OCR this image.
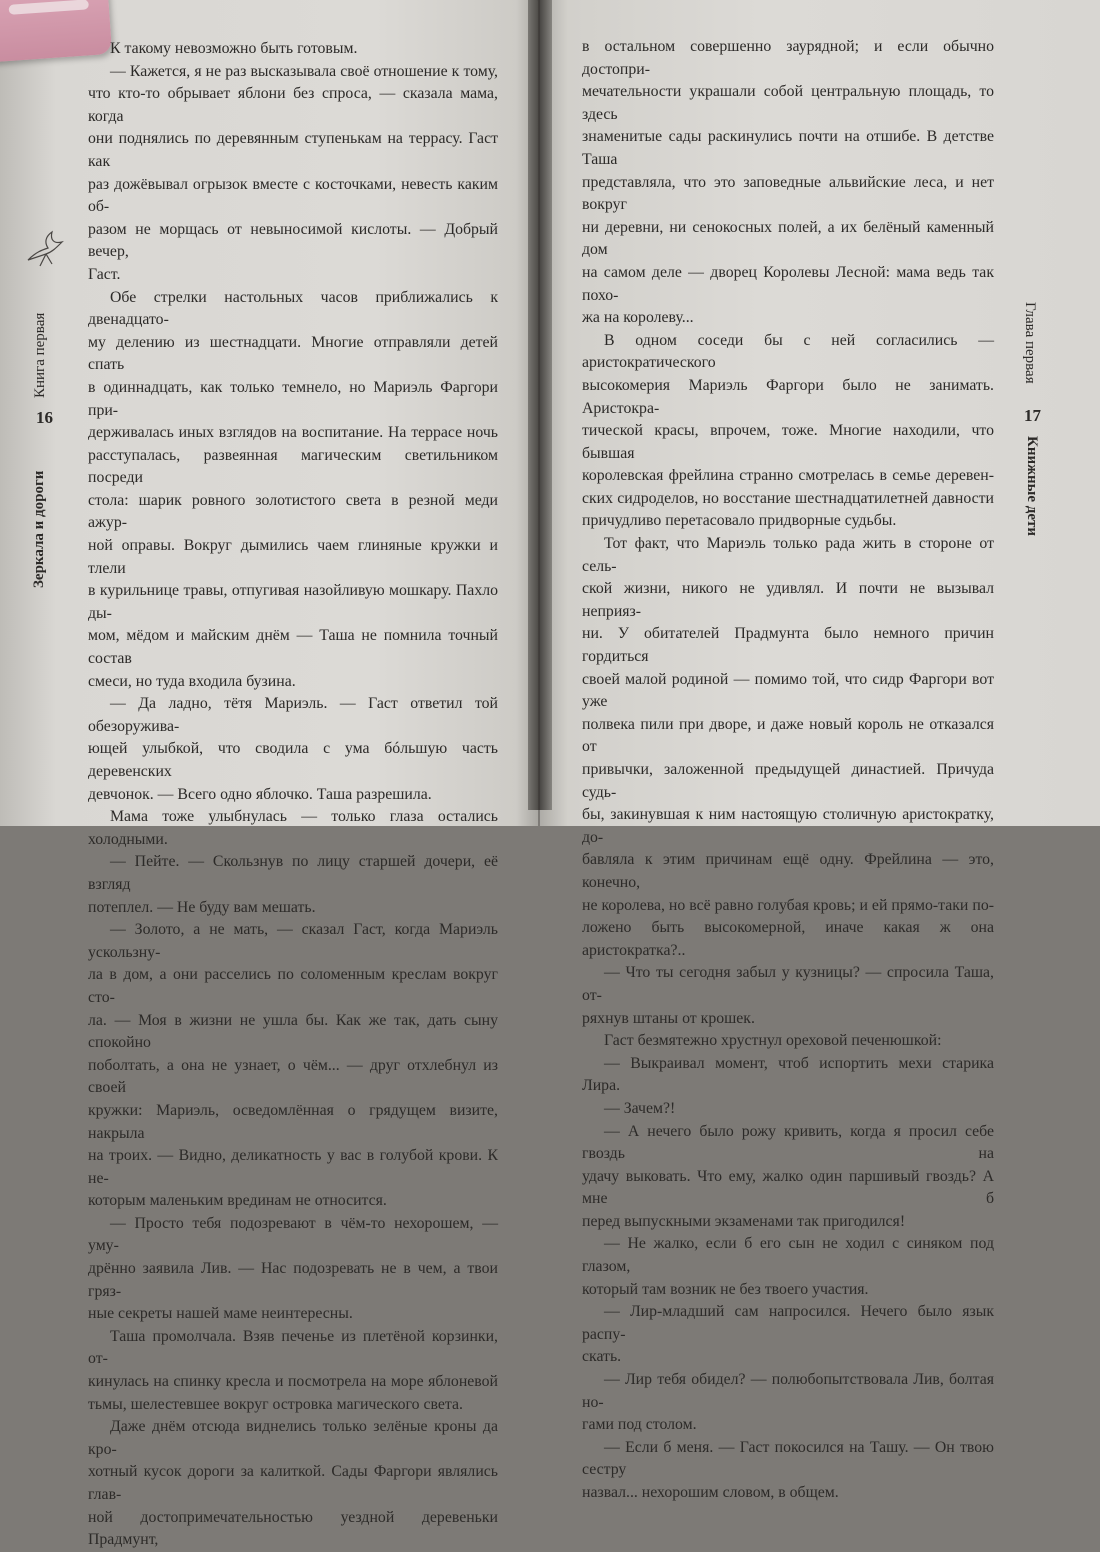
К такому невозможно быть готовым.

— Кажется, я не раз высказывала своё отношение к тому,

что кто-то обрывает яблони без спроса, — сказала мама, когда

они поднялись по деревянным ступенькам на террасу. Гаст как

раз дожёвывал огрызок вместе с косточками, невесть каким об-

разом не морщась от невыносимой кислоты. — Добрый вечер,

Гаст.

Обе стрелки настольных часов приближались к двенадцато-

му делению из шестнадцати. Многие отправляли детей спать

в одиннадцать, как только темнело, но Мариэль Фаргори при-

держивалась иных взглядов на воспитание. На террасе ночь

расступалась, развеянная магическим светильником посреди

стола: шарик ровного золотистого света в резной меди ажур-

ной оправы. Вокруг дымились чаем глиняные кружки и тлели

в курильнице травы, отпугивая назойливую мошкару. Пахло ды-

мом, мёдом и майским днём — Таша не помнила точный состав

смеси, но туда входила бузина.

— Да ладно, тётя Мариэль. — Гаст ответил той обезоружива-

ющей улыбкой, что сводила с ума бóльшую часть деревенских

девчонок. — Всего одно яблочко. Таша разрешила.

Мама тоже улыбнулась — только глаза остались холодными.

— Пейте. — Скользнув по лицу старшей дочери, её взгляд

потеплел. — Не буду вам мешать.

— Золото, а не мать, — сказал Гаст, когда Мариэль ускользну-

ла в дом, а они расселись по соломенным креслам вокруг сто-

ла. — Моя в жизни не ушла бы. Как же так, дать сыну спокойно

поболтать, а она не узнает, о чём... — друг отхлебнул из своей

кружки: Мариэль, осведомлённая о грядущем визите, накрыла

на троих. — Видно, деликатность у вас в голубой крови. К не-

которым маленьким врединам не относится.

— Просто тебя подозревают в чём-то нехорошем, — уму-

дрённо заявила Лив. — Нас подозревать не в чем, а твои гряз-

ные секреты нашей маме неинтересны.

Таша промолчала. Взяв печенье из плетёной корзинки, от-

кинулась на спинку кресла и посмотрела на море яблоневой

тьмы, шелестевшее вокруг островка магического света.

Даже днём отсюда виднелись только зелёные кроны да кро-

хотный кусок дороги за калиткой. Сады Фаргори являлись глав-

ной достопримечательностью уездной деревеньки Прадмунт,

в остальном совершенно заурядной; и если обычно достопри-

мечательности украшали собой центральную площадь, то здесь

знаменитые сады раскинулись почти на отшибе. В детстве Таша

представляла, что это заповедные альвийские леса, и нет вокруг

ни деревни, ни сенокосных полей, а их белёный каменный дом

на самом деле — дворец Королевы Лесной: мама ведь так похо-

жа на королеву...

В одном соседи бы с ней согласились — аристократического

высокомерия Мариэль Фаргори было не занимать. Аристокра-

тической красы, впрочем, тоже. Многие находили, что бывшая

королевская фрейлина странно смотрелась в семье деревен-

ских сидроделов, но восстание шестнадцатилетней давности

причудливо перетасовало придворные судьбы.

Тот факт, что Мариэль только рада жить в стороне от сель-

ской жизни, никого не удивлял. И почти не вызывал неприяз-

ни. У обитателей Прадмунта было немного причин гордиться

своей малой родиной — помимо той, что сидр Фаргори вот уже

полвека пили при дворе, и даже новый король не отказался от

привычки, заложенной предыдущей династией. Причуда судь-

бы, закинувшая к ним настоящую столичную аристократку, до-

бавляла к этим причинам ещё одну. Фрейлина — это, конечно,

не королева, но всё равно голубая кровь; и ей прямо-таки по-

ложено быть высокомерной, иначе какая ж она аристократка?..

— Что ты сегодня забыл у кузницы? — спросила Таша, от-

ряхнув штаны от крошек.

Гаст безмятежно хрустнул ореховой печенюшкой:

— Выкраивал момент, чтоб испортить мехи старика Лира.

— Зачем?!

— А нечего было рожу кривить, когда я просил себе гвоздь на

удачу выковать. Что ему, жалко один паршивый гвоздь? А мне б

перед выпускными экзаменами так пригодился!

— Не жалко, если б его сын не ходил с синяком под глазом,

который там возник не без твоего участия.

— Лир-младший сам напросился. Нечего было язык распу-

скать.

— Лир тебя обидел? — полюбопытствовала Лив, болтая но-

гами под столом.

— Если б меня. — Гаст покосился на Ташу. — Он твою сестру

назвал... нехорошим словом, в общем.

Книга первая
16
Зеркала и дороги
Глава первая
17
Книжные дети
